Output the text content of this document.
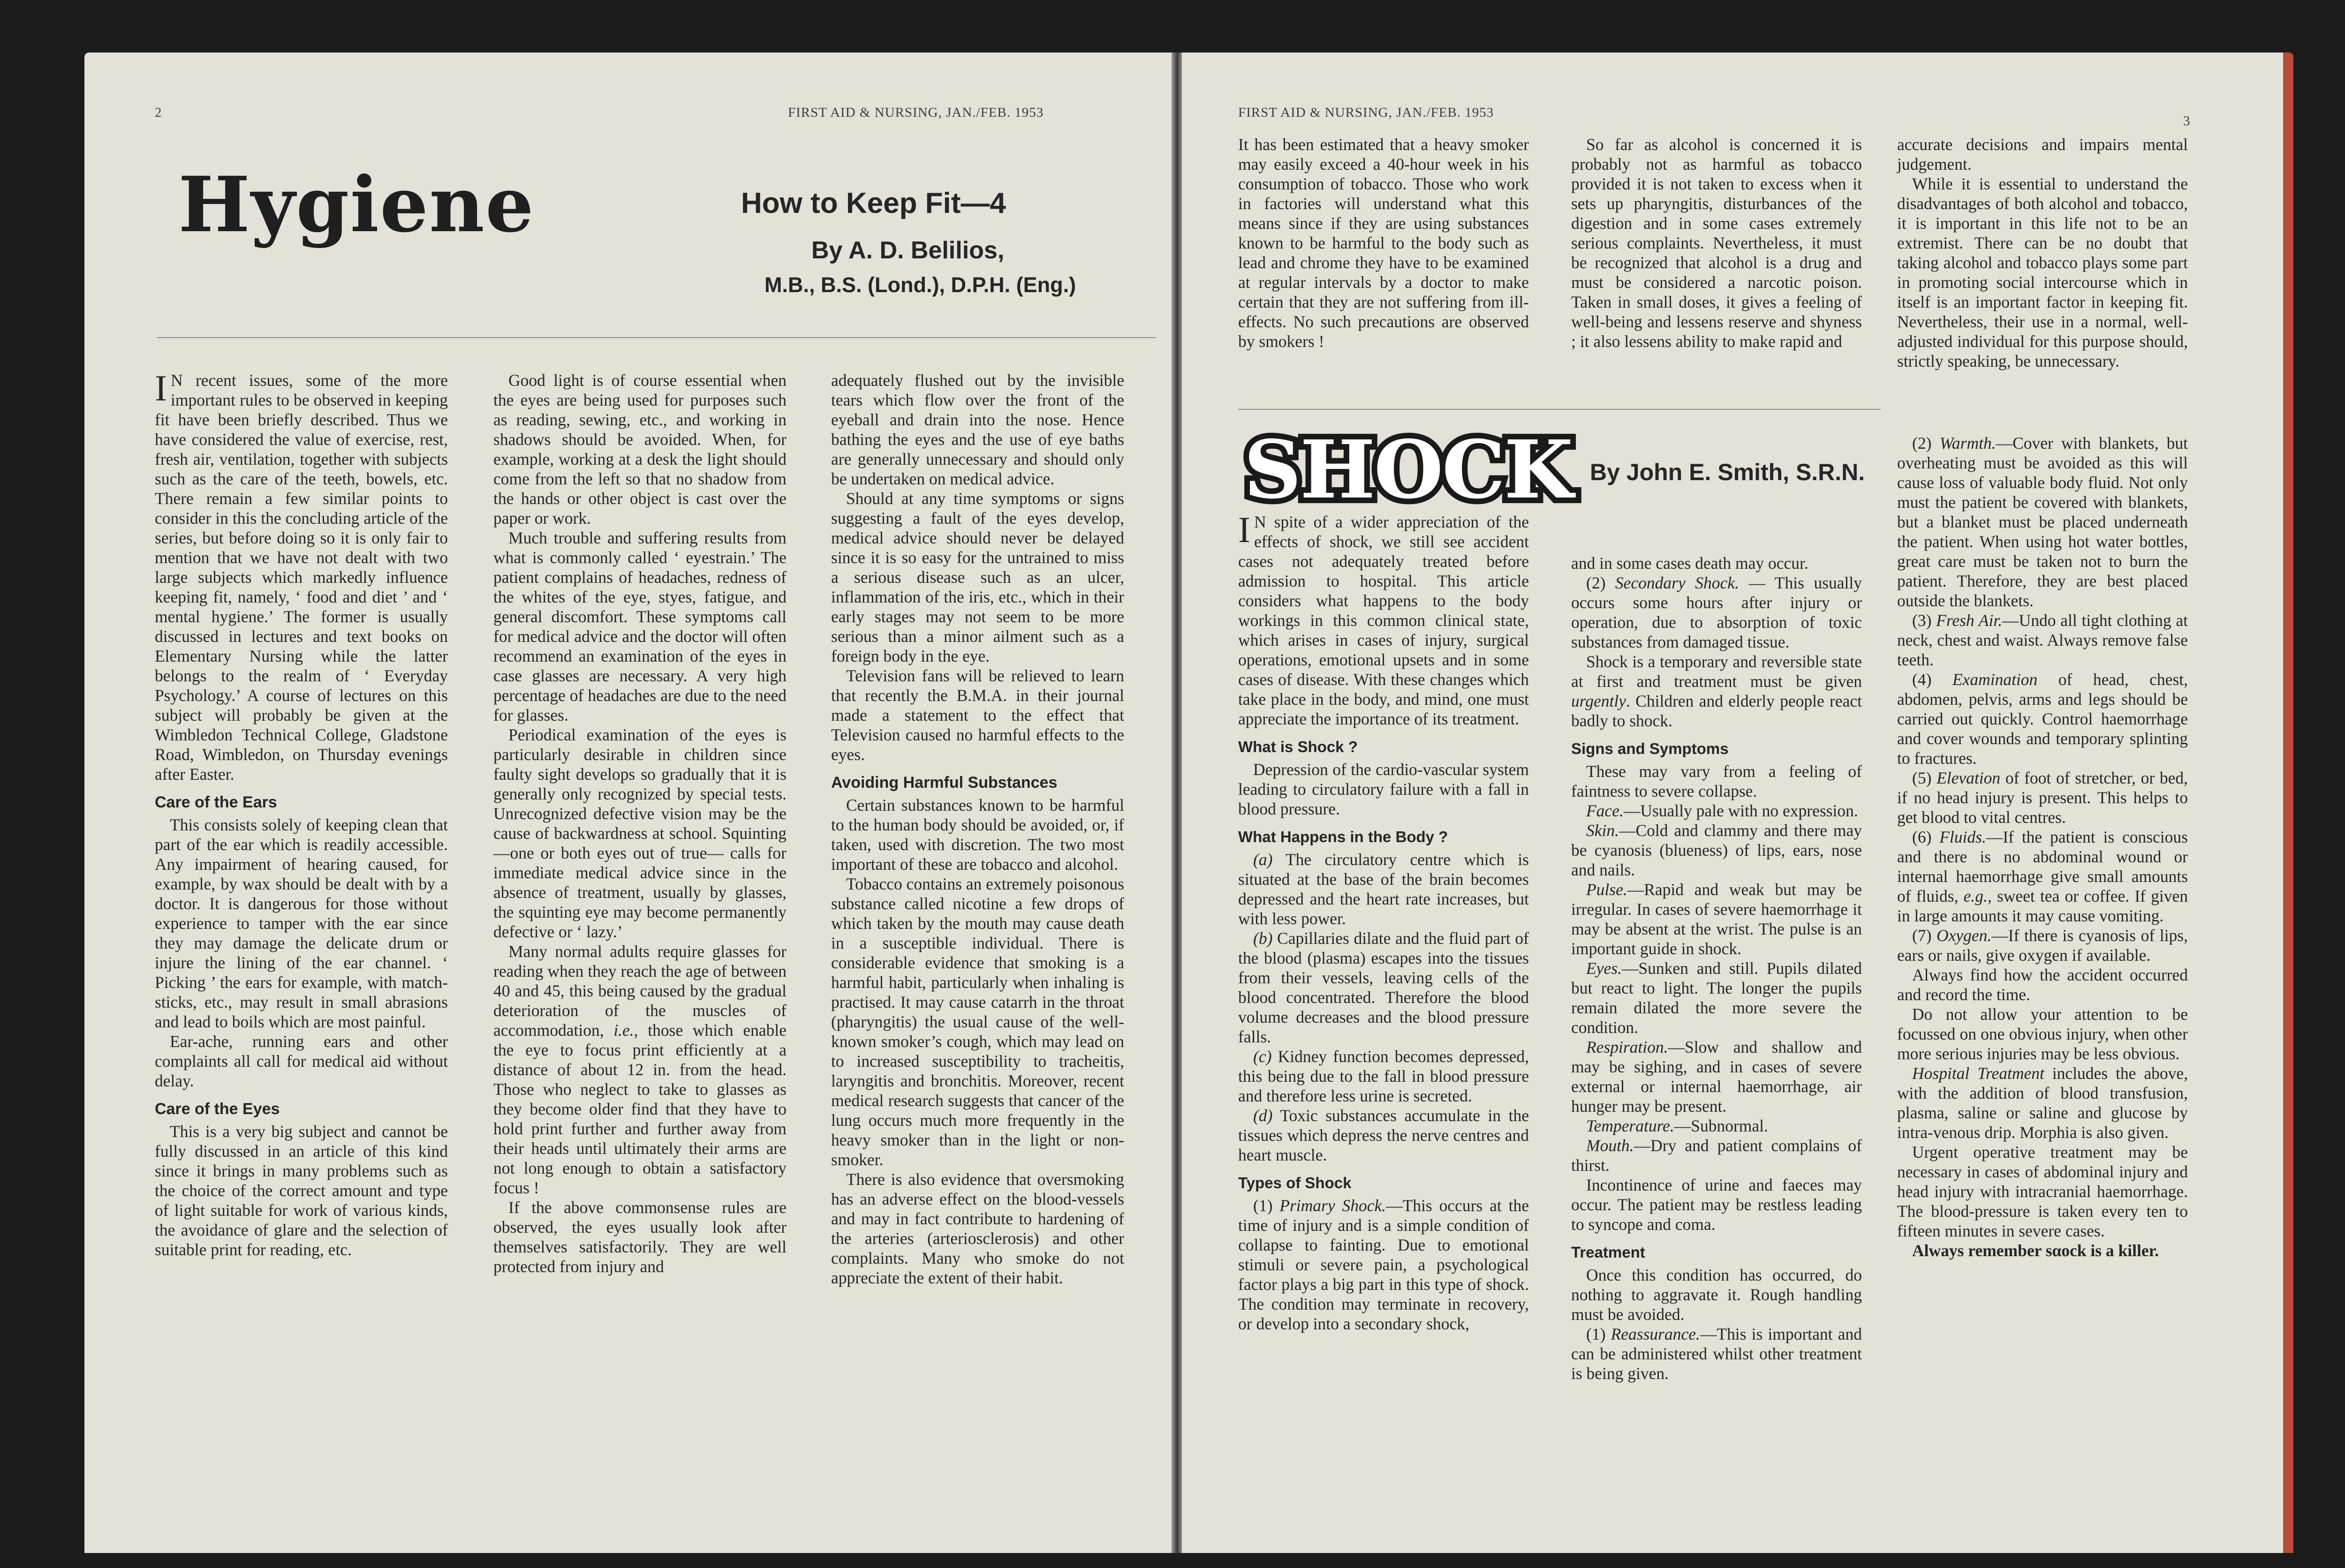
2	FIRST AID & NURSING, JAN./FEB. 1953
Hygiene	How to Keep Fit—4
By A. D. Belilios,
M.B., B.S. (Lond.), D.P.H. (Eng.)

I N recent issues, some of the more important rules to be observed in keeping fit have been briefly described. Thus we have considered the value of exercise, rest, fresh air, ventilation, together with subjects such as the care of the teeth, bowels, etc. There remain a few similar points to consider in this the concluding article of the series, but before doing so it is only fair to mention that we have not dealt with two large subjects which markedly influence keeping fit, namely, ‘ food and diet ’ and ‘ mental hygiene.’ The former is usually discussed in lectures and text books on Elementary Nursing while the latter belongs to the realm of ‘ Everyday Psychology.’ A course of lectures on this subject will probably be given at the Wimbledon Technical College, Gladstone Road, Wimbledon, on Thursday evenings after Easter.

Care of the Ears

This consists solely of keeping clean that part of the ear which is readily accessible. Any impairment of hearing caused, for example, by wax should be dealt with by a doctor. It is dangerous for those without experience to tamper with the ear since they may damage the delicate drum or injure the lining of the ear channel. ‘ Picking ’ the ears for example, with match-sticks, etc., may result in small abrasions and lead to boils which are most painful.

Ear-ache, running ears and other complaints all call for medical aid without delay.

Care of the Eyes

This is a very big subject and cannot be fully discussed in an article of this kind since it brings in many problems such as the choice of the correct amount and type of light suitable for work of various kinds, the avoidance of glare and the selection of suitable print for reading, etc.

Good light is of course essential when the eyes are being used for purposes such as reading, sewing, etc., and working in shadows should be avoided. When, for example, working at a desk the light should come from the left so that no shadow from the hands or other object is cast over the paper or work.

Much trouble and suffering results from what is commonly called ‘ eyestrain.’ The patient complains of headaches, redness of the whites of the eye, styes, fatigue, and general discomfort. These symptoms call for medical advice and the doctor will often recommend an examination of the eyes in case glasses are necessary. A very high percentage of headaches are due to the need for glasses.

Periodical examination of the eyes is particularly desirable in children since faulty sight develops so gradually that it is generally only recognized by special tests. Unrecognized defective vision may be the cause of backwardness at school. Squinting —one or both eyes out of true— calls for immediate medical advice since in the absence of treatment, usually by glasses, the squinting eye may become permanently defective or ‘ lazy.’

Many normal adults require glasses for reading when they reach the age of between 40 and 45, this being caused by the gradual deterioration of the muscles of accommodation, i.e., those which enable the eye to focus print efficiently at a distance of about 12 in. from the head. Those who neglect to take to glasses as they become older find that they have to hold print further and further away from their heads until ultimately their arms are not long enough to obtain a satisfactory focus !

If the above commonsense rules are observed, the eyes usually look after themselves satisfactorily. They are well protected from injury and

adequately flushed out by the invisible tears which flow over the front of the eyeball and drain into the nose. Hence bathing the eyes and the use of eye baths are generally unnecessary and should only be undertaken on medical advice.

Should at any time symptoms or signs suggesting a fault of the eyes develop, medical advice should never be delayed since it is so easy for the untrained to miss a serious disease such as an ulcer, inflammation of the iris, etc., which in their early stages may not seem to be more serious than a minor ailment such as a foreign body in the eye.

Television fans will be relieved to learn that recently the B.M.A. in their journal made a statement to the effect that Television caused no harmful effects to the eyes.

Avoiding Harmful Substances

Certain substances known to be harmful to the human body should be avoided, or, if taken, used with discretion. The two most important of these are tobacco and alcohol.

Tobacco contains an extremely poisonous substance called nicotine a few drops of which taken by the mouth may cause death in a susceptible individual. There is considerable evidence that smoking is a harmful habit, particularly when inhaling is practised. It may cause catarrh in the throat (pharyngitis) the usual cause of the well-known smoker’s cough, which may lead on to increased susceptibility to tracheitis, laryngitis and bronchitis. Moreover, recent medical research suggests that cancer of the lung occurs much more frequently in the heavy smoker than in the light or non-smoker.

There is also evidence that oversmoking has an adverse effect on the blood-vessels and may in fact contribute to hardening of the arteries (arteriosclerosis) and other complaints. Many who smoke do not appreciate the extent of their habit.

FIRST AID & NURSING, JAN./FEB. 1953
3

It has been estimated that a heavy smoker may easily exceed a 40-hour week in his consumption of tobacco. Those who work in factories will understand what this means since if they are using substances known to be harmful to the body such as lead and chrome they have to be examined at regular intervals by a doctor to make certain that they are not suffering from ill-effects. No such precautions are observed by smokers !

So far as alcohol is concerned it is probably not as harmful as tobacco provided it is not taken to excess when it sets up pharyngitis, disturbances of the digestion and in some cases extremely serious complaints. Nevertheless, it must be recognized that alcohol is a drug and must be considered a narcotic poison. Taken in small doses, it gives a feeling of well-being and lessens reserve and shyness ; it also lessens ability to make rapid and

accurate decisions and impairs mental judgement.

While it is essential to understand the disadvantages of both alcohol and tobacco, it is important in this life not to be an extremist. There can be no doubt that taking alcohol and tobacco plays some part in promoting social intercourse which in itself is an important factor in keeping fit. Nevertheless, their use in a normal, well-adjusted individual for this purpose should, strictly speaking, be unnecessary.

SHOCK By John E. Smith, S.R.N.

I N spite of a wider appreciation of the effects of shock, we still see accident cases not adequately treated before admission to hospital. This article considers what happens to the body workings in this common clinical state, which arises in cases of injury, surgical operations, emotional upsets and in some cases of disease. With these changes which take place in the body, and mind, one must appreciate the importance of its treatment.

What is Shock ?

Depression of the cardio-vascular system leading to circulatory failure with a fall in blood pressure.

What Happens in the Body ?

(a) The circulatory centre which is situated at the base of the brain becomes depressed and the heart rate increases, but with less power.

(b) Capillaries dilate and the fluid part of the blood (plasma) escapes into the tissues from their vessels, leaving cells of the blood concentrated. Therefore the blood volume decreases and the blood pressure falls.

(c) Kidney function becomes depressed, this being due to the fall in blood pressure and therefore less urine is secreted.

(d) Toxic substances accumulate in the tissues which depress the nerve centres and heart muscle.

Types of Shock

(1) Primary Shock.—This occurs at the time of injury and is a simple condition of collapse to fainting. Due to emotional stimuli or severe pain, a psychological factor plays a big part in this type of shock. The condition may terminate in recovery, or develop into a secondary shock,

and in some cases death may occur.

(2) Secondary Shock. — This usually occurs some hours after injury or operation, due to absorption of toxic substances from damaged tissue.

Shock is a temporary and reversible state at first and treatment must be given urgently. Children and elderly people react badly to shock.

Signs and Symptoms

These may vary from a feeling of faintness to severe collapse.

Face.—Usually pale with no expression.

Skin.—Cold and clammy and there may be cyanosis (blueness) of lips, ears, nose and nails.

Pulse.—Rapid and weak but may be irregular. In cases of severe haemorrhage it may be absent at the wrist. The pulse is an important guide in shock.

Eyes.—Sunken and still. Pupils dilated but react to light. The longer the pupils remain dilated the more severe the condition.

Respiration.—Slow and shallow and may be sighing, and in cases of severe external or internal haemorrhage, air hunger may be present.

Temperature.—Subnormal.

Mouth.—Dry and patient complains of thirst.

Incontinence of urine and faeces may occur. The patient may be restless leading to syncope and coma.

Treatment

Once this condition has occurred, do nothing to aggravate it. Rough handling must be avoided.

(1) Reassurance.—This is important and can be administered whilst other treatment is being given.

(2) Warmth.—Cover with blankets, but overheating must be avoided as this will cause loss of valuable body fluid. Not only must the patient be covered with blankets, but a blanket must be placed underneath the patient. When using hot water bottles, great care must be taken not to burn the patient. Therefore, they are best placed outside the blankets.

(3) Fresh Air.—Undo all tight clothing at neck, chest and waist. Always remove false teeth.

(4) Examination of head, chest, abdomen, pelvis, arms and legs should be carried out quickly. Control haemorrhage and cover wounds and temporary splinting to fractures.

(5) Elevation of foot of stretcher, or bed, if no head injury is present. This helps to get blood to vital centres.

(6) Fluids.—If the patient is conscious and there is no abdominal wound or internal haemorrhage give small amounts of fluids, e.g., sweet tea or coffee. If given in large amounts it may cause vomiting.

(7) Oxygen.—If there is cyanosis of lips, ears or nails, give oxygen if available.

Always find how the accident occurred and record the time.

Do not allow your attention to be focussed on one obvious injury, when other more serious injuries may be less obvious.

Hospital Treatment includes the above, with the addition of blood transfusion, plasma, saline or saline and glucose by intra-venous drip. Morphia is also given.

Urgent operative treatment may be necessary in cases of abdominal injury and head injury with intracranial haemorrhage. The blood-pressure is taken every ten to fifteen minutes in severe cases.

Always remember sαock is a killer.
